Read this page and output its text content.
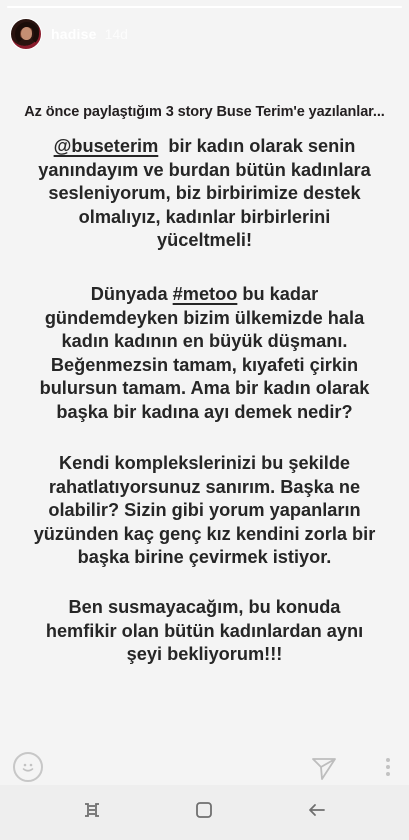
hadise 14d
Az önce paylaştığım 3 story Buse Terim'e yazılanlar...
@buseterim  bir kadın olarak senin
yanındayım ve burdan bütün kadınlara
sesleniyorum, biz birbirimize destek
olmalıyız, kadınlar birbirlerini
yüceltmeli!
Dünyada #metoo bu kadar
gündemdeyken bizim ülkemizde hala
kadın kadının en büyük düşmanı.
Beğenmezsin tamam, kıyafeti çirkin
bulursun tamam. Ama bir kadın olarak
başka bir kadına ayı demek nedir?
Kendi komplekslerinizi bu şekilde
rahatlatıyorsunuz sanırım. Başka ne
olabilir? Sizin gibi yorum yapanların
yüzünden kaç genç kız kendini zorla bir
başka birine çevirmek istiyor.
Ben susmayacağım, bu konuda
hemfikir olan bütün kadınlardan aynı
şeyi bekliyorum!!!
